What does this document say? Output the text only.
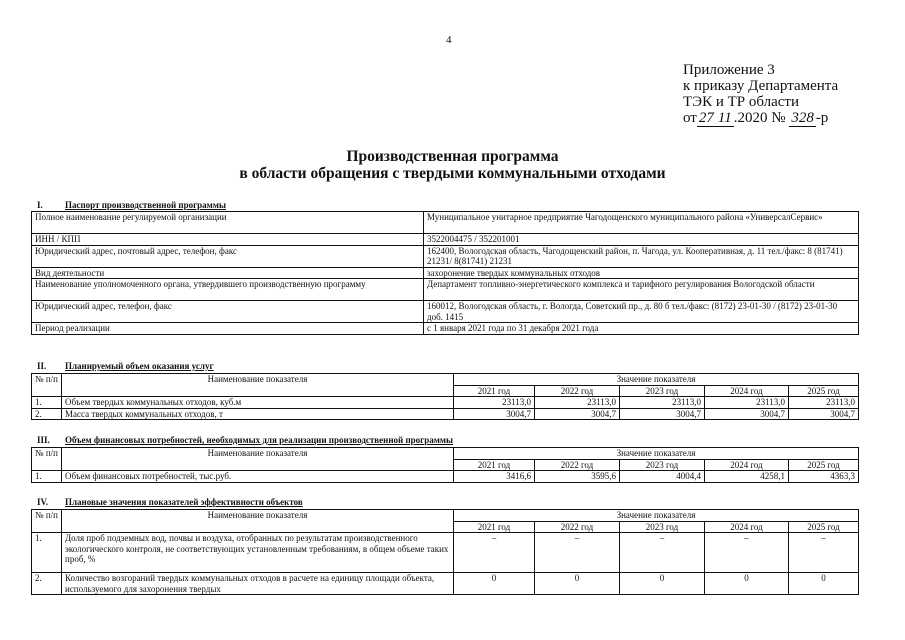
4
Приложение 3
к приказу Департамента
ТЭК и ТР области
от 27 11 .2020 № 328 -р
Производственная программа
в области обращения с твердыми коммунальными отходами
I. Паспорт производственной программы
Полное наименование регулируемой организации	Муниципальное унитарное предприятие Чагодощенского муниципального района «УниверсалСервис»
ИНН / КПП	3522004475 / 352201001
Юридический адрес, почтовый адрес, телефон, факс	162400, Вологодская область, Чагодощенский район, п. Чагода, ул. Кооперативная, д. 11 тел./факс: 8 (81741) 21231/ 8(81741) 21231
Вид деятельности	захоронение твердых коммунальных отходов
Наименование уполномоченного органа, утвердившего производственную программу	Департамент топливно-энергетического комплекса и тарифного регулирования Вологодской области
Юридический адрес, телефон, факс	160012, Вологодская область, г. Вологда, Советский пр., д. 80 б тел./факс: (8172) 23-01-30 / (8172) 23-01-30 доб. 1415
Период реализации	с 1 января 2021 года по 31 декабря 2021 года
II. Планируемый объем оказания услуг
№ п/п	Наименование показателя	Значение показателя				
		2021 год	2022 год	2023 год	2024 год	2025 год
1.	Объем твердых коммунальных отходов, куб.м	23113,0	23113,0	23113,0	23113,0	23113,0
2.	Масса твердых коммунальных отходов, т	3004,7	3004,7	3004,7	3004,7	3004,7
III. Объем финансовых потребностей, необходимых для реализации производственной программы
№ п/п	Наименование показателя	Значение показателя				
		2021 год	2022 год	2023 год	2024 год	2025 год
1.	Объем финансовых потребностей, тыс.руб.	3416,6	3595,6	4004,4	4258,1	4363,3
IV. Плановые значения показателей эффективности объектов
№ п/п	Наименование показателя	Значение показателя				
		2021 год	2022 год	2023 год	2024 год	2025 год
1.	Доля проб подземных вод, почвы и воздуха, отобранных по результатам производственного экологического контроля, не соответствующих установленным требованиям, в общем объеме таких проб, %	–	–	–	–	–
2.	Количество возгораний твердых коммунальных отходов в расчете на единицу площади объекта, используемого для захоронения твердых	0	0	0	0	0
